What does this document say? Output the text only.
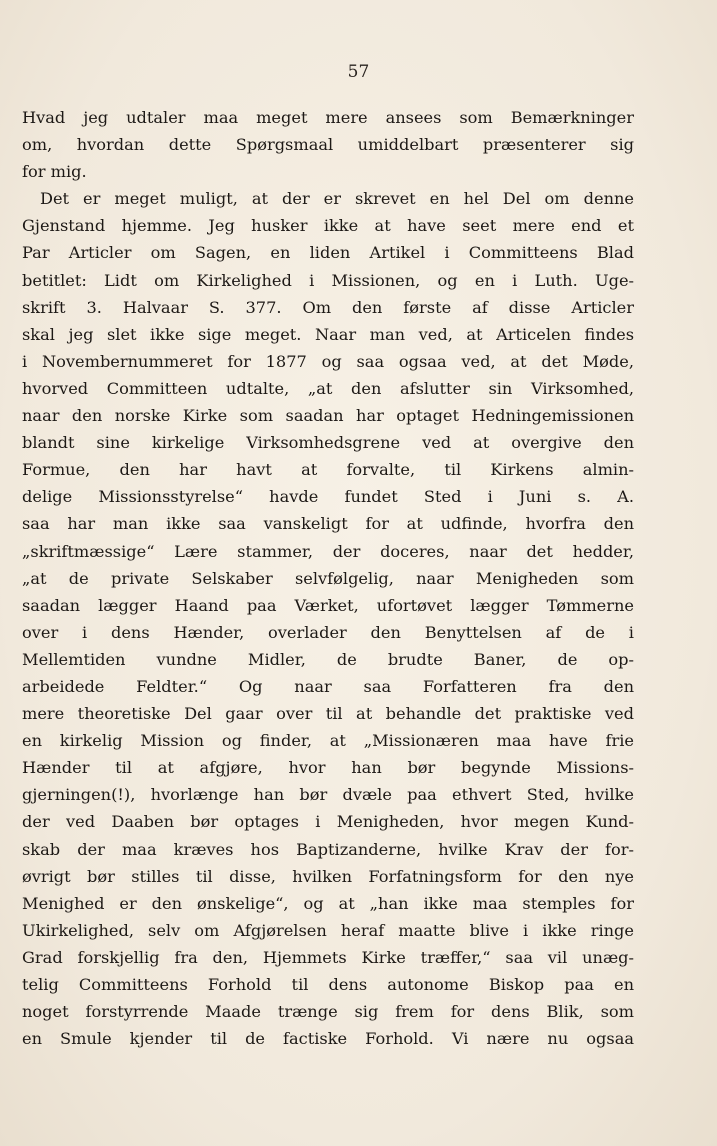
57
Hvad jeg udtaler maa meget mere ansees som Bemærkninger
om, hvordan dette Spørgsmaal umiddelbart præsenterer sig
for mig.
Det er meget muligt, at der er skrevet en hel Del om denne
Gjenstand hjemme. Jeg husker ikke at have seet mere end et
Par Articler om Sagen, en liden Artikel i Committeens Blad
betitlet: Lidt om Kirkelighed i Missionen, og en i Luth. Uge-
skrift 3. Halvaar S. 377. Om den første af disse Articler
skal jeg slet ikke sige meget. Naar man ved, at Articelen findes
i Novembernummeret for 1877 og saa ogsaa ved, at det Møde,
hvorved Committeen udtalte, „at den afslutter sin Virksomhed,
naar den norske Kirke som saadan har optaget Hedningemissionen
blandt sine kirkelige Virksomhedsgrene ved at overgive den
Formue, den har havt at forvalte, til Kirkens almin-
delige Missionsstyrelse“ havde fundet Sted i Juni s. A.
saa har man ikke saa vanskeligt for at udfinde, hvorfra den
„skriftmæssige“ Lære stammer, der doceres, naar det hedder,
„at de private Selskaber selvfølgelig, naar Menigheden som
saadan lægger Haand paa Værket, ufortøvet lægger Tømmerne
over i dens Hænder, overlader den Benyttelsen af de i
Mellemtiden vundne Midler, de brudte Baner, de op-
arbeidede Feldter.“ Og naar saa Forfatteren fra den
mere theoretiske Del gaar over til at behandle det praktiske ved
en kirkelig Mission og finder, at „Missionæren maa have frie
Hænder til at afgjøre, hvor han bør begynde Missions-
gjerningen(!), hvorlænge han bør dvæle paa ethvert Sted, hvilke
der ved Daaben bør optages i Menigheden, hvor megen Kund-
skab der maa kræves hos Baptizanderne, hvilke Krav der for-
øvrigt bør stilles til disse, hvilken Forfatningsform for den nye
Menighed er den ønskelige“, og at „han ikke maa stemples for
Ukirkelighed, selv om Afgjørelsen heraf maatte blive i ikke ringe
Grad forskjellig fra den, Hjemmets Kirke træffer,“ saa vil unæg-
telig Committeens Forhold til dens autonome Biskop paa en
noget forstyrrende Maade trænge sig frem for dens Blik, som
en Smule kjender til de factiske Forhold. Vi nære nu ogsaa
